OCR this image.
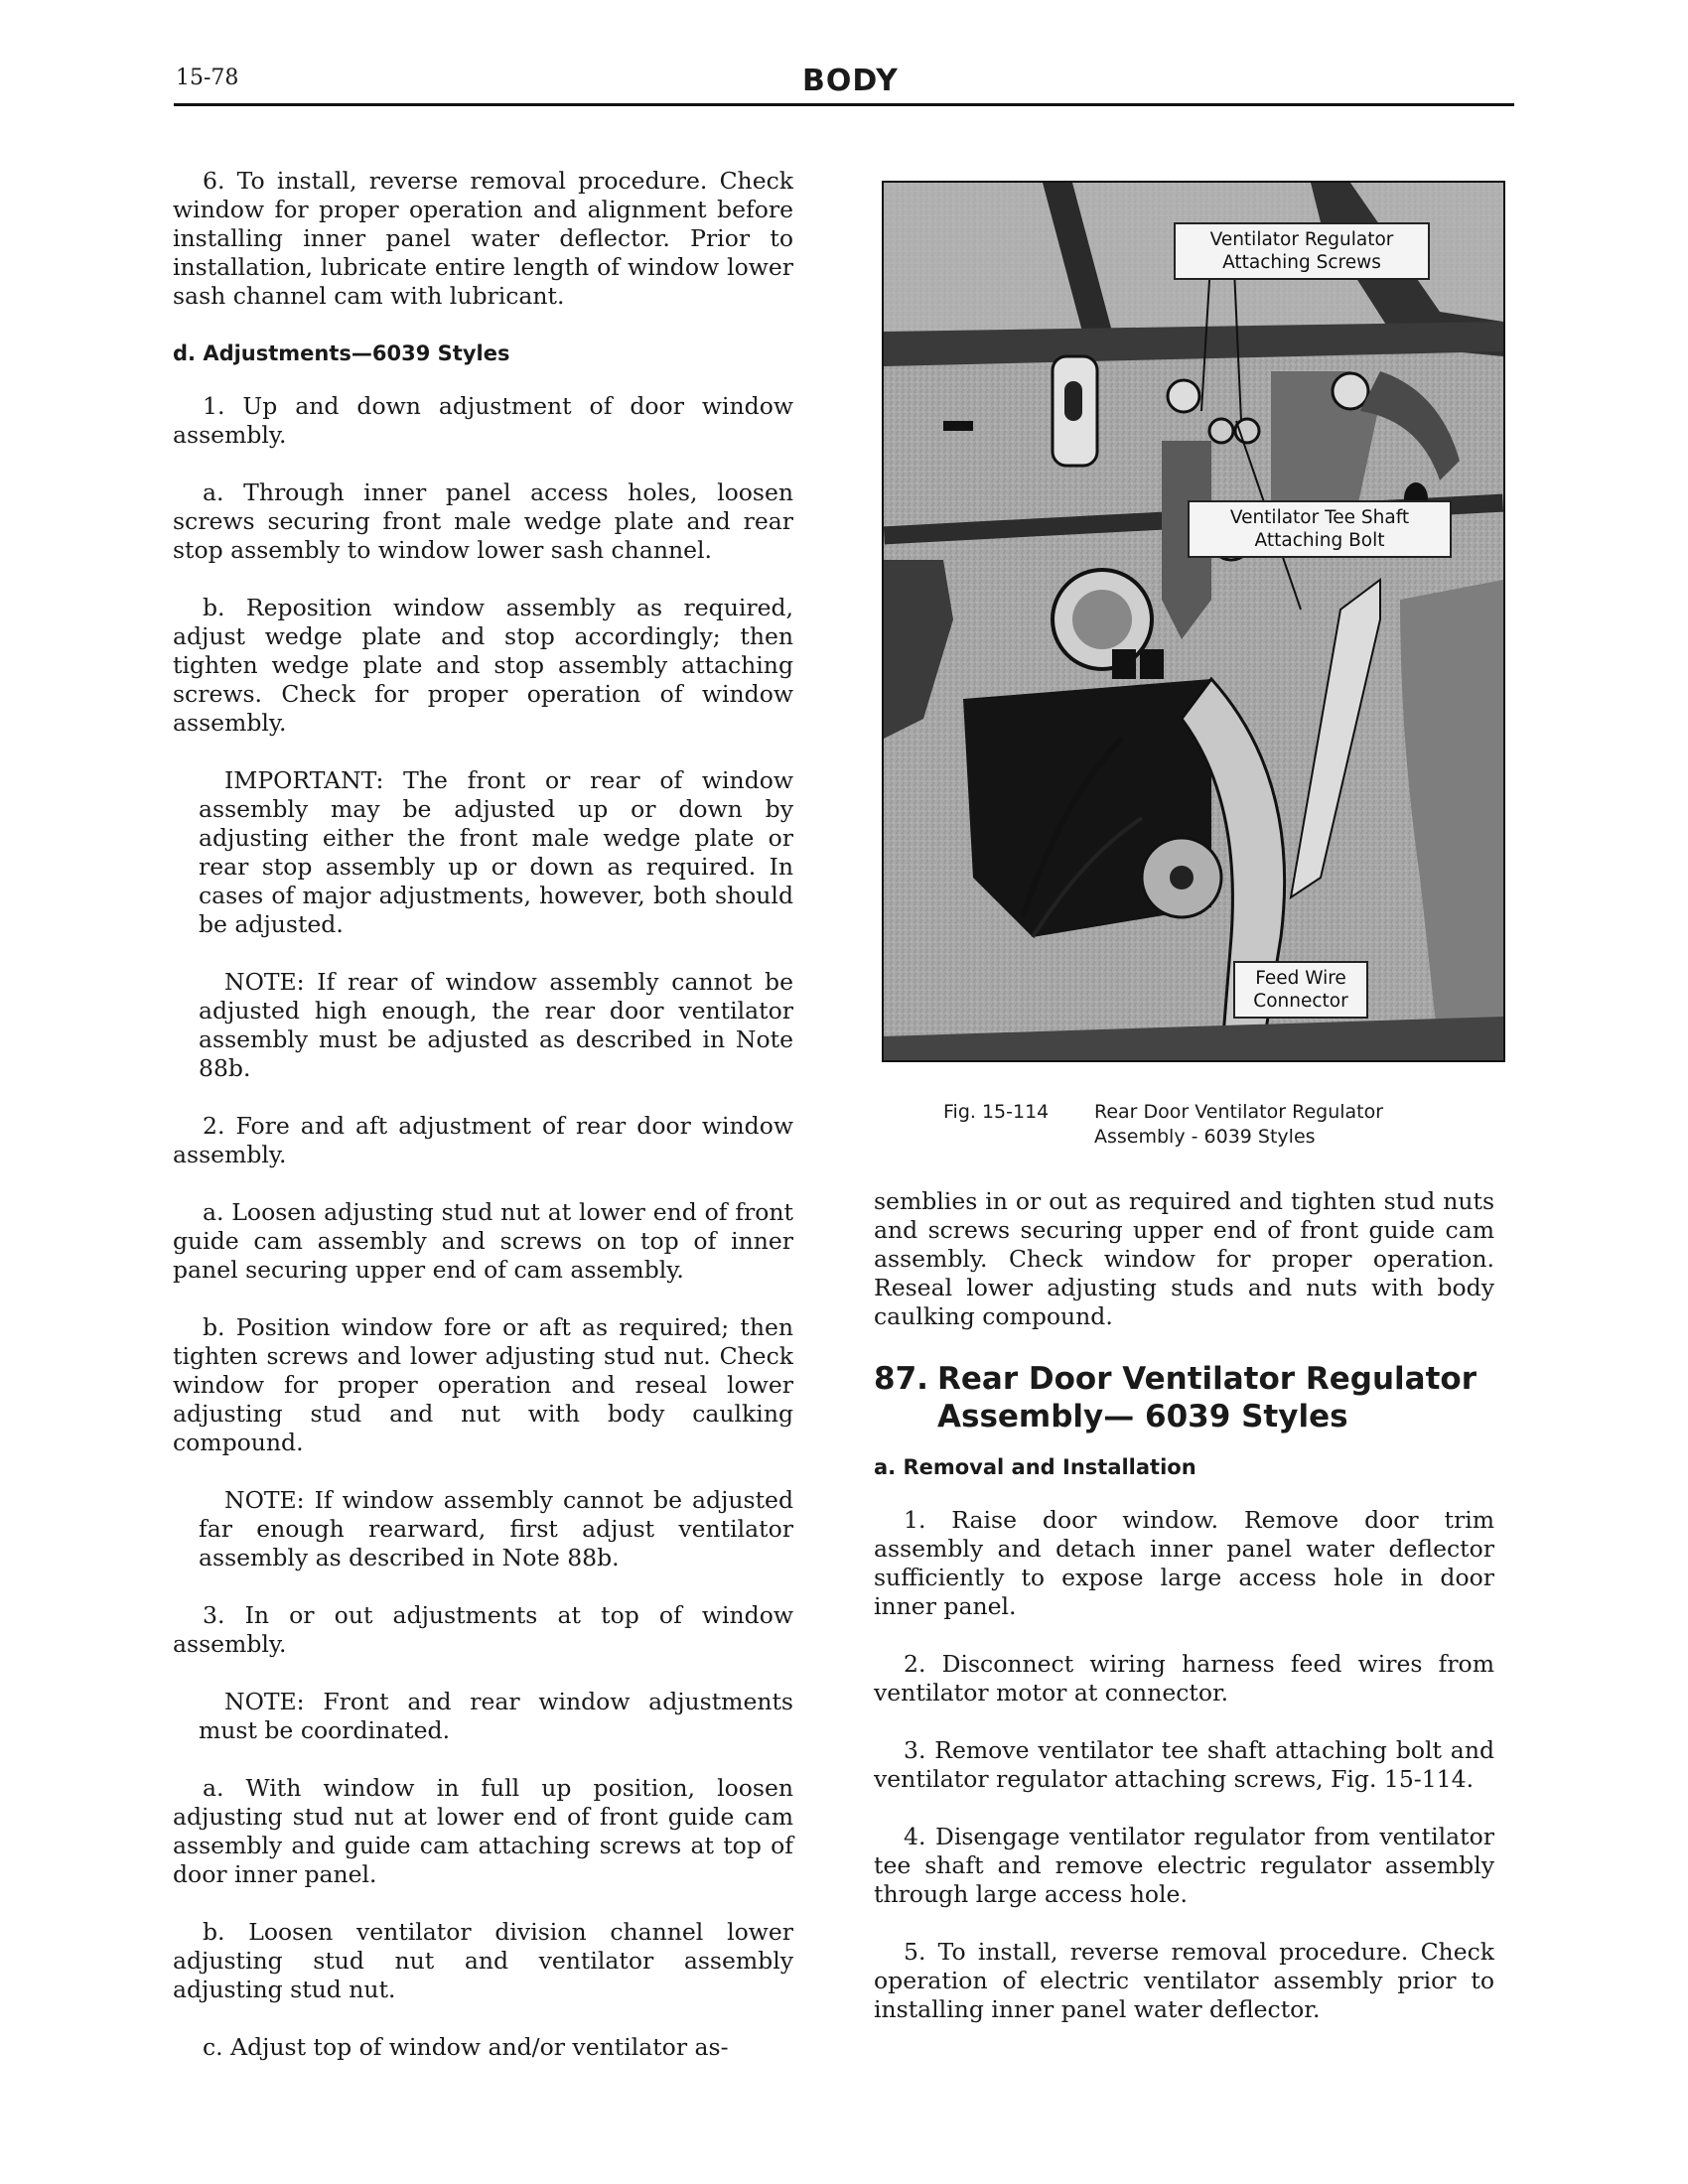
15-78	BODY

6. To install, reverse removal procedure. Check window for proper operation and alignment before installing inner panel water deflector. Prior to installation, lubricate entire length of window lower sash channel cam with lubricant.

d. Adjustments—6039 Styles

1. Up and down adjustment of door window assembly.

a. Through inner panel access holes, loosen screws securing front male wedge plate and rear stop assembly to window lower sash channel.

b. Reposition window assembly as required, adjust wedge plate and stop accordingly; then tighten wedge plate and stop assembly attaching screws. Check for proper operation of window assembly.

IMPORTANT: The front or rear of window assembly may be adjusted up or down by adjusting either the front male wedge plate or rear stop assembly up or down as required. In cases of major adjustments, however, both should be adjusted.

NOTE: If rear of window assembly cannot be adjusted high enough, the rear door ventilator assembly must be adjusted as described in Note 88b.

2. Fore and aft adjustment of rear door window assembly.

a. Loosen adjusting stud nut at lower end of front guide cam assembly and screws on top of inner panel securing upper end of cam assembly.

b. Position window fore or aft as required; then tighten screws and lower adjusting stud nut. Check window for proper operation and reseal lower adjusting stud and nut with body caulking compound.

NOTE: If window assembly cannot be adjusted far enough rearward, first adjust ventilator assembly as described in Note 88b.

3. In or out adjustments at top of window assembly.

NOTE: Front and rear window adjustments must be coordinated.

a. With window in full up position, loosen adjusting stud nut at lower end of front guide cam assembly and guide cam attaching screws at top of door inner panel.

b. Loosen ventilator division channel lower adjusting stud nut and ventilator assembly adjusting stud nut.

c. Adjust top of window and/or ventilator as-

Ventilator Regulator
Attaching Screws
Ventilator Tee Shaft
Attaching Bolt
Feed Wire
Connector
Fig. 15-114 Rear Door Ventilator Regulator
Assembly - 6039 Styles

semblies in or out as required and tighten stud nuts and screws securing upper end of front guide cam assembly. Check window for proper operation. Reseal lower adjusting studs and nuts with body caulking compound.

87. Rear Door Ventilator Regulator Assembly— 6039 Styles
a. Removal and Installation

1. Raise door window. Remove door trim assembly and detach inner panel water deflector sufficiently to expose large access hole in door inner panel.

2. Disconnect wiring harness feed wires from ventilator motor at connector.

3. Remove ventilator tee shaft attaching bolt and ventilator regulator attaching screws, Fig. 15-114.

4. Disengage ventilator regulator from ventilator tee shaft and remove electric regulator assembly through large access hole.

5. To install, reverse removal procedure. Check operation of electric ventilator assembly prior to installing inner panel water deflector.
